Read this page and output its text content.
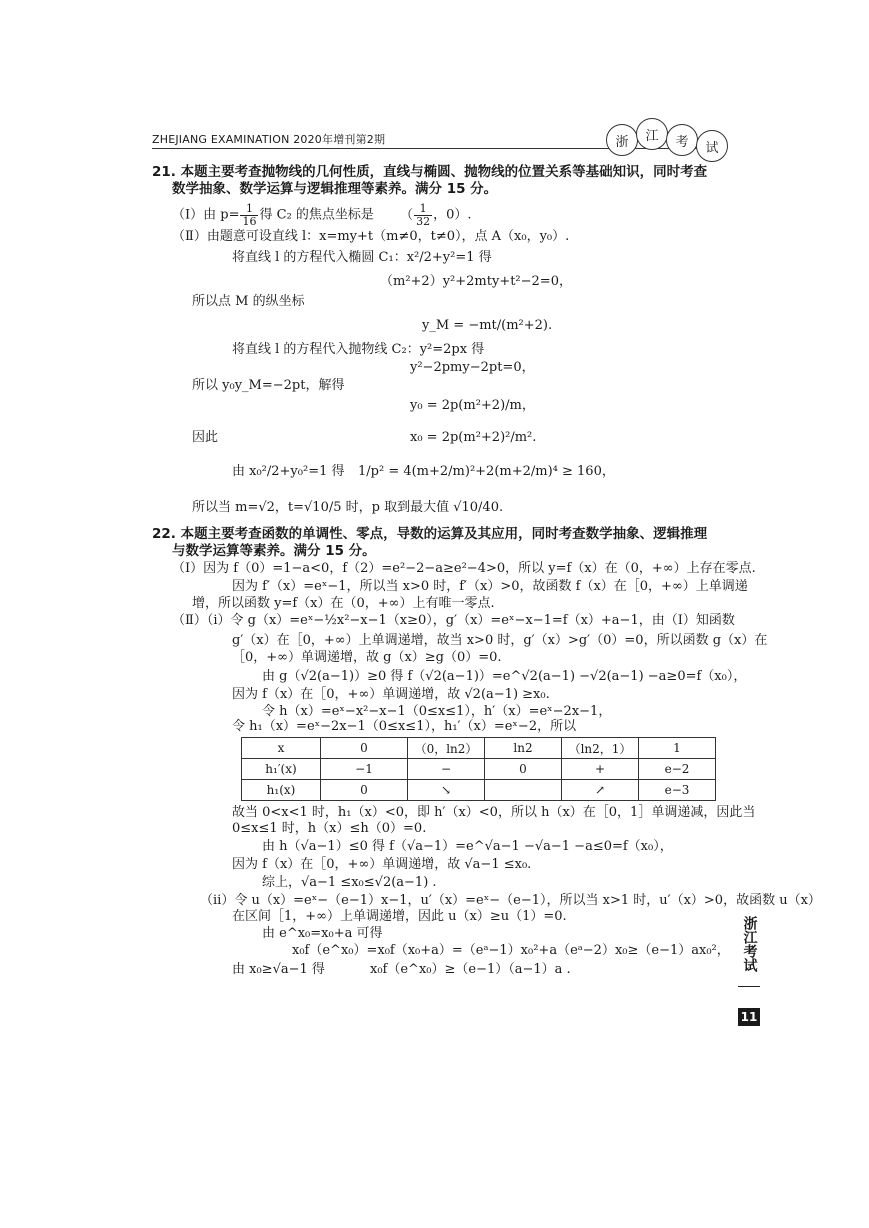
ZHEJIANG EXAMINATION 2020年增刊第2期	浙	江	考	试
21. 本题主要考查抛物线的几何性质，直线与椭圆、抛物线的位置关系等基础知识，同时考查
数学抽象、数学运算与逻辑推理等素养。满分 15 分。
（Ⅰ）由 $p= \frac{1}{16}$ 得 C₂ 的焦点坐标是 （ $\frac{1}{32}$ ，0）.
（Ⅱ）由题意可设直线 l：x=my+t（m≠0，t≠0），点 A（x₀，y₀）.
将直线 l 的方程代入椭圆 C₁：x²/2+y²=1 得
（m²+2）y²+2mty+t²−2=0，
所以点 M 的纵坐标
y_M = −mt/(m²+2).
将直线 l 的方程代入抛物线 C₂：y²=2px 得
y²−2pmy−2pt=0，
所以 y₀y_M=−2pt，解得
y₀ = 2p(m²+2)/m，
因此	x₀ = 2p(m²+2)²/m².
由 x₀²/2+y₀²=1 得 1/p² = 4(m+2/m)²+2(m+2/m)⁴ ≥ 160，
所以当 m=√2，t=√10/5 时，p 取到最大值 √10/40.
22. 本题主要考查函数的单调性、零点，导数的运算及其应用，同时考查数学抽象、逻辑推理
与数学运算等素养。满分 15 分。
（Ⅰ）因为 f（0）=1−a<0，f（2）=e²−2−a≥e²−4>0，所以 y=f（x）在（0，+∞）上存在零点.
因为 f′（x）=eˣ−1，所以当 x>0 时，f′（x）>0，故函数 f（x）在［0，+∞）上单调递
增，所以函数 y=f（x）在（0，+∞）上有唯一零点.
（Ⅱ）（ⅰ）令 g（x）=eˣ−½x²−x−1（x≥0），g′（x）=eˣ−x−1=f（x）+a−1，由（Ⅰ）知函数
g′（x）在［0，+∞）上单调递增，故当 x>0 时，g′（x）>g′（0）=0，所以函数 g（x）在
［0，+∞）单调递增，故 g（x）≥g（0）=0.
由 g（√2(a−1)）≥0 得 f（√2(a−1)）=e^√2(a−1) −√2(a−1) −a≥0=f（x₀），
因为 f（x）在［0，+∞）单调递增，故 √2(a−1) ≥x₀.
令 h（x）=eˣ−x²−x−1（0≤x≤1），h′（x）=eˣ−2x−1，
令 h₁（x）=eˣ−2x−1（0≤x≤1），h₁′（x）=eˣ−2，所以
x	0	（0，ln2）	ln2	（ln2，1）	1
h₁′(x)	−1	−	0	+	e−2
h₁(x)	0	↘		↗	e−3
故当 0<x<1 时，h₁（x）<0，即 h′（x）<0，所以 h（x）在［0，1］单调递减，因此当
0≤x≤1 时，h（x）≤h（0）=0.
由 h（√a−1）≤0 得 f（√a−1）=e^√a−1 −√a−1 −a≤0=f（x₀），
因为 f（x）在［0，+∞）单调递增，故 √a−1 ≤x₀.
综上，√a−1 ≤x₀≤√2(a−1) .
（ⅱ）令 u（x）=eˣ−（e−1）x−1，u′（x）=eˣ−（e−1），所以当 x>1 时，u′（x）>0，故函数 u（x）
在区间［1，+∞）上单调递增，因此 u（x）≥u（1）=0.
由 e^x₀=x₀+a 可得
x₀f（e^x₀）=x₀f（x₀+a）=（eᵃ−1）x₀²+a（eᵃ−2）x₀≥（e−1）ax₀²，
由 x₀≥√a−1 得	x₀f（e^x₀）≥（e−1）（a−1）a .	浙江考试
11
